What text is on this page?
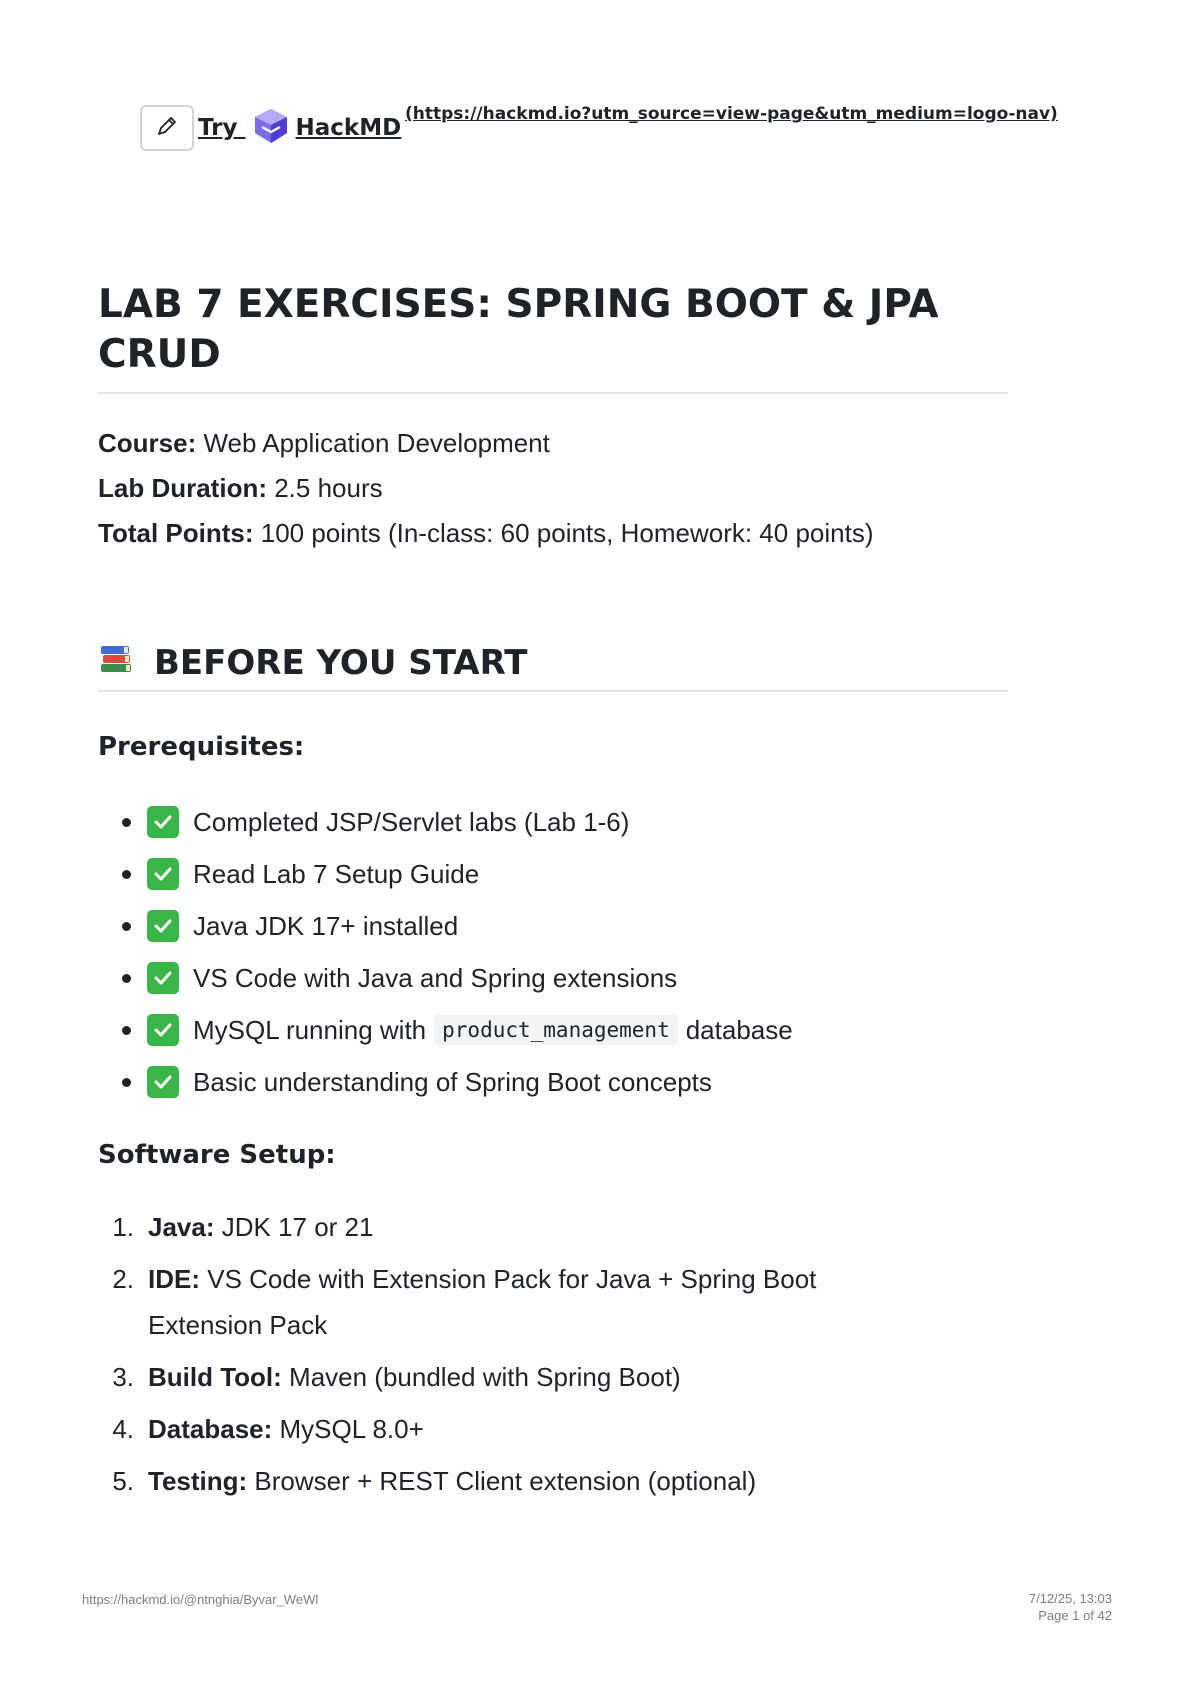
Try HackMD
(https://hackmd.io?utm_source=view-page&utm_medium=logo-nav)
LAB 7 EXERCISES: SPRING BOOT & JPA CRUD
Course: Web Application Development
Lab Duration: 2.5 hours
Total Points: 100 points (In-class: 60 points, Homework: 40 points)
BEFORE YOU START
Prerequisites:
Completed JSP/Servlet labs (Lab 1-6)
Read Lab 7 Setup Guide
Java JDK 17+ installed
VS Code with Java and Spring extensions
MySQL running with product_management database
Basic understanding of Spring Boot concepts
Software Setup:
1. Java: JDK 17 or 21
2. IDE: VS Code with Extension Pack for Java + Spring Boot Extension Pack
3. Build Tool: Maven (bundled with Spring Boot)
4. Database: MySQL 8.0+
5. Testing: Browser + REST Client extension (optional)
https://hackmd.io/@ntnghia/Byvar_WeWl	7/12/25, 13:03
Page 1 of 42
